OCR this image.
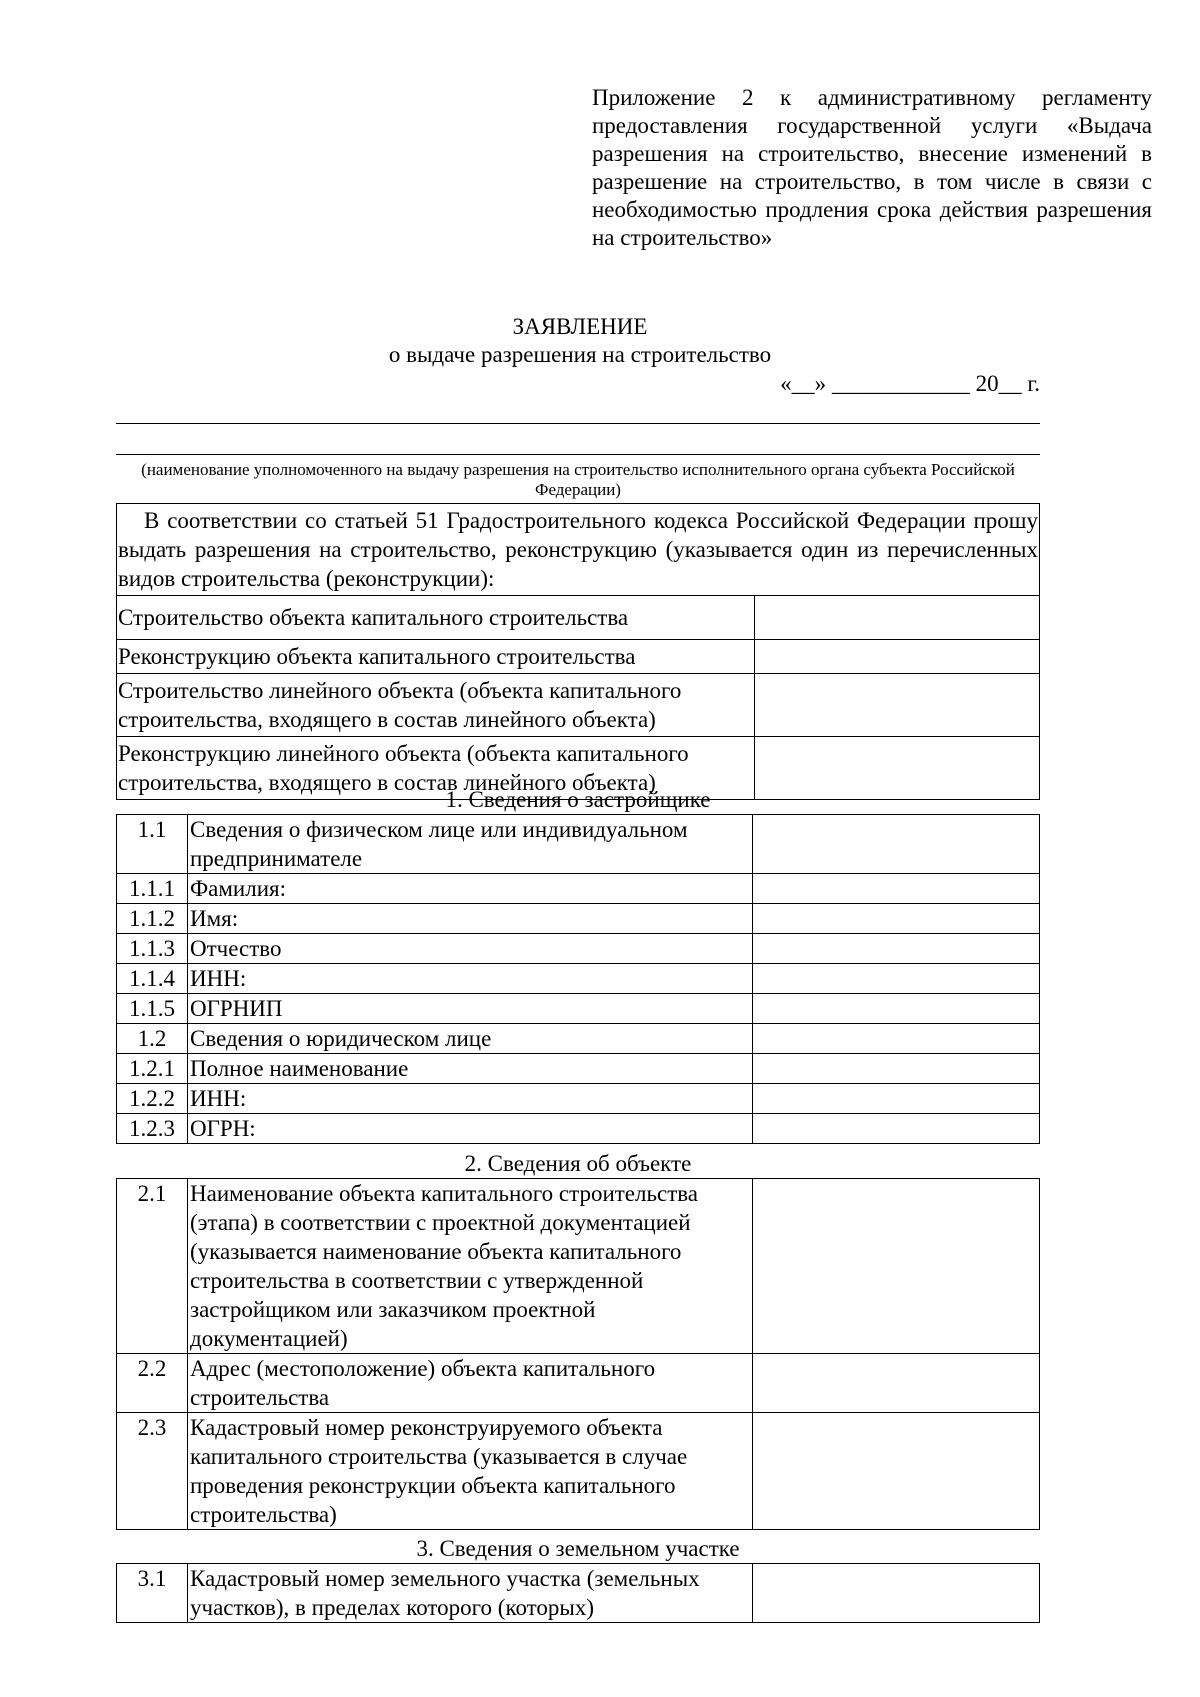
Приложение 2 к административному регламенту предоставления государственной услуги «Выдача разрешения на строительство, внесение изменений в разрешение на строительство, в том числе в связи с необходимостью продления срока действия разрешения на строительство»
ЗАЯВЛЕНИЕ
о выдаче разрешения на строительство
«__» ____________ 20__ г.
(наименование уполномоченного на выдачу разрешения на строительство исполнительного органа субъекта Российской Федерации)
В соответствии со статьей 51 Градостроительного кодекса Российской Федерации прошу выдать разрешения на строительство, реконструкцию (указывается один из перечисленных видов строительства (реконструкции):	
Строительство объекта капитального строительства	
Реконструкцию объекта капитального строительства	
Строительство линейного объекта (объекта капитального строительства, входящего в состав линейного объекта)	
Реконструкцию линейного объекта (объекта капитального строительства, входящего в состав линейного объекта)	
1. Сведения о застройщике
1.1	Сведения о физическом лице или индивидуальном предпринимателе	
1.1.1	Фамилия:	
1.1.2	Имя:	
1.1.3	Отчество	
1.1.4	ИНН:	
1.1.5	ОГРНИП	
1.2	Сведения о юридическом лице	
1.2.1	Полное наименование	
1.2.2	ИНН:	
1.2.3	ОГРН:	
2. Сведения об объекте
2.1	Наименование объекта капитального строительства (этапа) в соответствии с проектной документацией (указывается наименование объекта капитального строительства в соответствии с утвержденной застройщиком или заказчиком проектной документацией)	
2.2	Адрес (местоположение) объекта капитального строительства	
2.3	Кадастровый номер реконструируемого объекта капитального строительства (указывается в случае проведения реконструкции объекта капитального строительства)	
3. Сведения о земельном участке
3.1	Кадастровый номер земельного участка (земельных участков), в пределах которого (которых)	
